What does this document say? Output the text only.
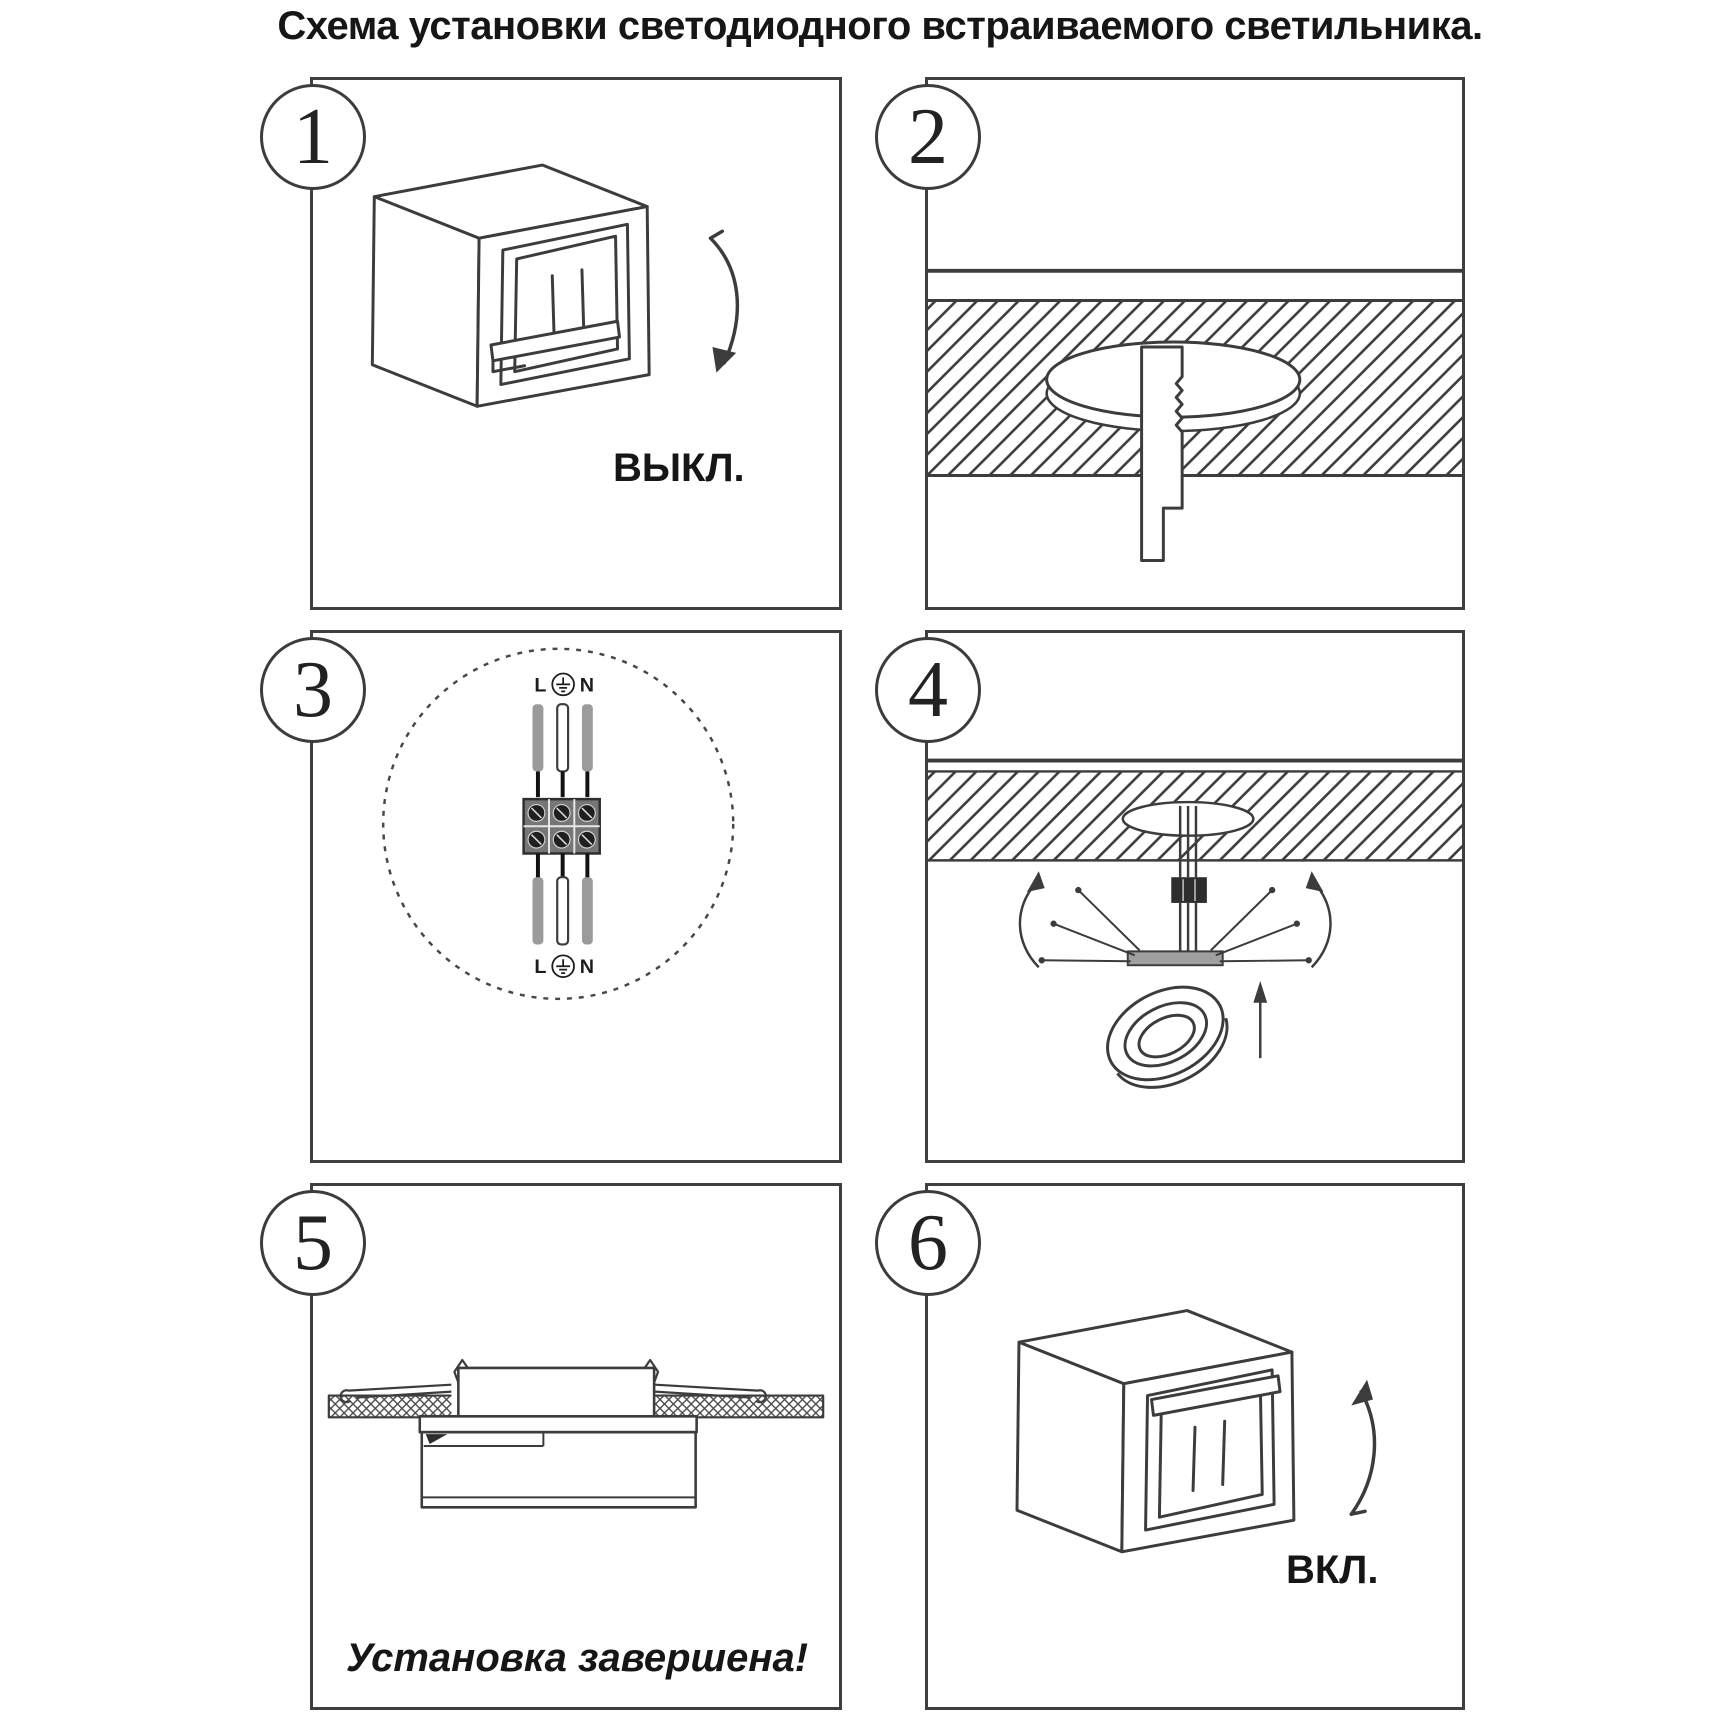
Схема установки светодиодного встраиваемого светильника.
1
ВЫКЛ.
2
3	L N
L N
4
5
Установка завершена!
6
ВКЛ.
